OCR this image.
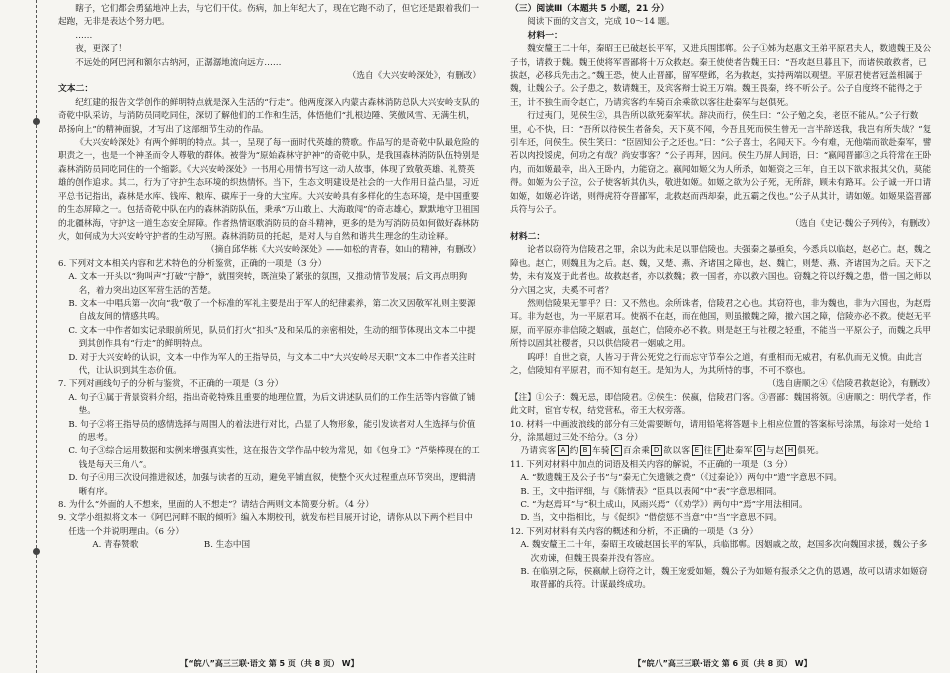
瞎子，它们都会勇猛地冲上去，与它们干仗。伤病，加上年纪大了，现在它跑不动了，但它还是跟着我们一起跑，无非是表达个努力吧。

……

夜，更深了！

不远处的阿巴河和额尔古纳河，正潺潺地流向远方……

（选自《大兴安岭深处》，有删改）

文本二：

纪红建的报告文学创作的鲜明特点就是深入生活的“行走”。他两度深入内蒙古森林消防总队大兴安岭支队的奇乾中队采访，与消防员同吃同住，深切了解他们的工作和生活，体悟他们“扎根边陲、笑傲风雪、无满生机，昂扬向上”的精神面貌，才写出了这部细节生动的作品。

《大兴安岭深处》有两个鲜明的特点。其一，呈现了每一面时代英雄的赞歌。作品写的是奇乾中队最危险的职责之一，也是一个神圣而令人尊敬的群体。被誉为“原始森林守护神”的奇乾中队，是我国森林消防队伍特别是森林消防员同吃同住的一个缩影。《大兴安岭深处》一书用心用情书写这一动人故事，体现了致敬英雄、礼赞英雄的创作追求。其二，行为了守护生态环境的织热情怀。当下，生态文明建设是社会的一大作用日益凸显，习近平总书记指出，森林是水库、钱库、粮库、碳库于一身的大宝库。大兴安岭具有多样化的生态环境，是中国重要的生态屏障之一。包括奇乾中队在内的森林消防队伍，秉承“万山敢上、大海敢闯”的奇志雄心，默默地守卫祖国的北疆林海，守护这一道生态安全屏障。作者热情讴歌消防员的奋斗精神，更多的是为写消防员如何做好森林防火，如何成为大兴安岭守护者的生动写照。森林消防员的托起，是对人与自然和谐共生理念的生动诠释。

（摘自邱华栋《大兴安岭深处》——如松的青春，如山的精神，有删改）

6. 下列对文本相关内容和艺术特色的分析鉴赏，正确的一项是（3 分）

A. 文本一开头以“狗叫声”打破“宁静”，就围突转，既渲染了紧张的氛围，又推动情节发展；后文再点明狗名，着力突出边区军营生活的苦楚。

B. 文本一中唱兵第一次向“我”敬了一个标准的军礼主要是出于军人的纪律素养，第二次又因敬军礼则主要源自战友间的情感共鸣。

C. 文本一中作者如实记录眼前所见，队员们打火“扣头”及和呆瓜的亲密相处，生动的细节体现出文本二中提到其创作具有“行走”的鲜明特点。

D. 对于大兴安岭的认识，文本一中作为军人的王指导员，与文本二中“大兴安岭尽天职”文本二中作者关注时代，让认识到其生态价值。

7. 下列对画线句子的分析与鉴赏，不正确的一项是（3 分）

A. 句子①属于背景资料介绍，指出奇乾特殊且重要的地理位置，为后文讲述队员们的工作生活等内容做了铺垫。

B. 句子②将王指导员的感情选择与周围人的着法进行对比，凸显了人物形象，能引发读者对人生选择与价值的思考。

C. 句子③综合运用数据和实例来增强真实性，这在报告文学作品中较为常见，如《包身工》“芦柴棒现在的工钱是每天三角八”。

D. 句子④用三次设问推进叙述，加强与读者的互动，避免平铺直叙，使整个灭火过程重点环节突出，逻辑清晰有序。

8. 为什么“外面的人不想来，里面的人不想走”？请结合两则文本简要分析。（4 分）

9. 文学小组拟将文本一《阿巴河畔不眠的倾听》编入本期校刊，就发布栏目展开讨论，请你从以下两个栏目中任选一个并说明理由。（6 分）

A. 青春赞歌	B. 生态中国

【“皖八”高三三联·语文 第 5 页（共 8 页） W】

（三）阅读Ⅲ（本题共 5 小题，21 分）

阅读下面的文言文，完成 10～14 题。

材料一：

魏安釐王二十年，秦昭王已破赵长平军，又进兵围邯郸。公子①姊为赵惠文王弟平原君夫人，数遗魏王及公子书，请救于魏。魏王使将军晋鄙将十万众救赵。秦王使使者告魏王曰：“吾攻赵旦暮且下，而诸侯敢救者，已拔赵，必移兵先击之。”魏王恐，使人止晋鄙，留军壁邺，名为救赵，实持两端以观望。平原君使者冠盖相属于魏，让魏公子。公子患之，数请魏王，及宾客辩士说王万端。魏王畏秦，终不听公子。公子自度终不能得之于王，计不独生而令赵亡，乃请宾客约车骑百余乘欲以客往赴秦军与赵俱死。

行过夷门，见侯生②，具告所以欲死秦军状。辞决而行，侯生曰：“公子勉之矣，老臣不能从。”公子行数里，心不快，曰：“吾所以待侯生者备矣，天下莫不闻，今吾且死而侯生曾无一言半辞送我，我岂有所失哉？”复引车还，问侯生。侯生笑曰：“臣固知公子之还也。”曰：“公子喜士，名闻天下。今有难，无他端而欲赴秦军，譬若以肉投馁虎，何功之有哉？尚安事客？”公子再拜，因问。侯生乃屏人间语，曰：“嬴闻晋鄙③之兵符常在王卧内，而如姬最幸，出入王卧内，力能窃之。嬴闻如姬父为人所杀，如姬资之三年，自王以下欲求报其父仇，莫能得。如姬为公子泣，公子使客斩其仇头，敬进如姬。如姬之欲为公子死，无所辞，顾未有路耳。公子诚一开口请如姬，如姬必许诺，则得虎符夺晋鄙军，北救赵而西却秦，此五霸之伐也。”公子从其计，请如姬。如姬果盗晋鄙兵符与公子。

（选自《史记·魏公子列传》，有删改）

材料二：

论者以窃符为信陵君之罪，余以为此未足以罪信陵也。夫强秦之暴亟矣，今悉兵以临赵，赵必亡。赵，魏之障也。赵亡，则魏且为之后。赵、魏，又楚、燕、齐诸国之障也，赵、魏亡，则楚、燕、齐诸国为之后。天下之势，未有岌岌于此者也。故救赵者，亦以救魏；救一国者，亦以救六国也。窃魏之符以纾魏之患，借一国之师以分六国之灾，夫奚不可者？

然则信陵果无罪乎？曰：又不然也。余所诛者，信陵君之心也。其窃符也，非为魏也，非为六国也，为赵焉耳。非为赵也，为一平原君耳。使祸不在赵，而在他国，则虽撤魏之障，撤六国之障，信陵亦必不救。使赵无平原，而平原亦非信陵之姻戚，虽赵亡，信陵亦必不救。则是赵王与社稷之轻重，不能当一平原公子，而魏之兵甲所恃以固其社稷者，只以供信陵君一姻戚之用。

呜呼！自世之衰，人皆习于背公死党之行而忘守节奉公之道，有重相而无威君，有私仇而无义愤。由此言之，信陵知有平原君，而不知有赵王。是知为人，为其所恃的事，不可不察也。

（选自唐顺之④《信陵君救赵论》，有删改）

【注】①公子：魏无忌，即信陵君。②侯生：侯嬴，信陵君门客。③晋鄙：魏国将领。④唐顺之：明代学者，作此文时，宦官专权，结党营私，帝王大权旁落。

10. 材料一中画波浪线的部分有三处需要断句，请用铅笔将答题卡上相应位置的答案标号涂黑，每涂对一处给 1 分，涂黑超过三处不给分。（3 分）

乃请宾客 A 约 B 车骑 C 百余乘 D 欲以客 E 往 F 赴秦军 G 与赵 H 俱死。

11. 下列对材料中加点的词语及相关内容的解说，不正确的一项是（3 分）

A. “数遗魏王及公子书”与“秦无亡矢遗镞之费”（《过秦论》）两句中“遗”字意思不同。

B. 王，文中指评细，与《陈情表》“臣具以表闻”中“表”字意思相同。

C. “为赵焉耳”与“积土成山，风雨兴焉”（《劝学》）两句中“焉”字用法相同。

D. 当，文中指相比，与《促织》“借偿惩不当意”中“当”字意思不同。

12. 下列对材料有关内容的概述和分析，不正确的一项是（3 分）

A. 魏安釐王二十年，秦昭王攻破赵国长平的军队，兵临邯郸。因姻戚之故，赵国多次向魏国求援，魏公子多次劝谏，但魏王畏秦并没有答应。

B. 在临别之际，侯嬴献上窃符之计，魏王宠爱如姬，魏公子为如姬有报杀父之仇的恩遇，故可以请求如姬窃取晋鄙的兵符。计谋最终成功。

【“皖八”高三三联·语文 第 6 页（共 8 页） W】
